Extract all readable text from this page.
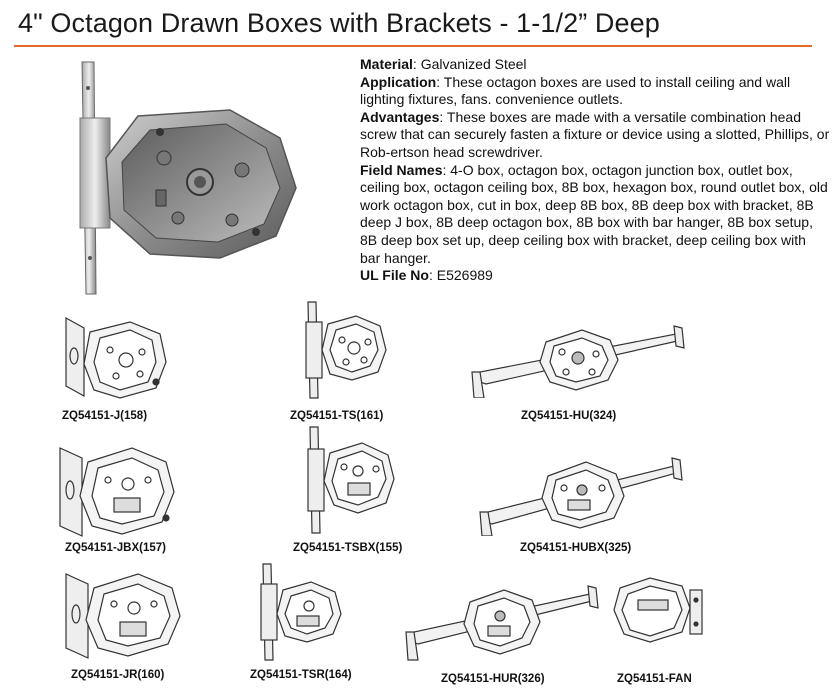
4" Octagon Drawn Boxes with Brackets - 1-1/2” Deep

Material: Galvanized Steel

Application: These octagon boxes are used to install ceiling and wall lighting fixtures, fans. convenience outlets.

Advantages: These boxes are made with a versatile combination head screw that can securely fasten a fixture or device using a slotted, Phillips, or Rob-ertson head screwdriver.

Field Names: 4-O box, octagon box, octagon junction box, outlet box, ceiling box, octagon ceiling box, 8B box, hexagon box, round outlet box, old work octagon box, cut in box, deep 8B box, 8B deep box with bracket, 8B deep J box, 8B deep octagon box, 8B box with bar hanger, 8B box setup, 8B deep box set up, deep ceiling box with bracket, deep ceiling box with bar hanger.

UL File No: E526989

ZQ54151-J(158)	ZQ54151-TS(161)	ZQ54151-HU(324)
ZQ54151-JBX(157)	ZQ54151-TSBX(155)	ZQ54151-HUBX(325)
ZQ54151-JR(160)	ZQ54151-TSR(164)	ZQ54151-HUR(326)	ZQ54151-FAN
